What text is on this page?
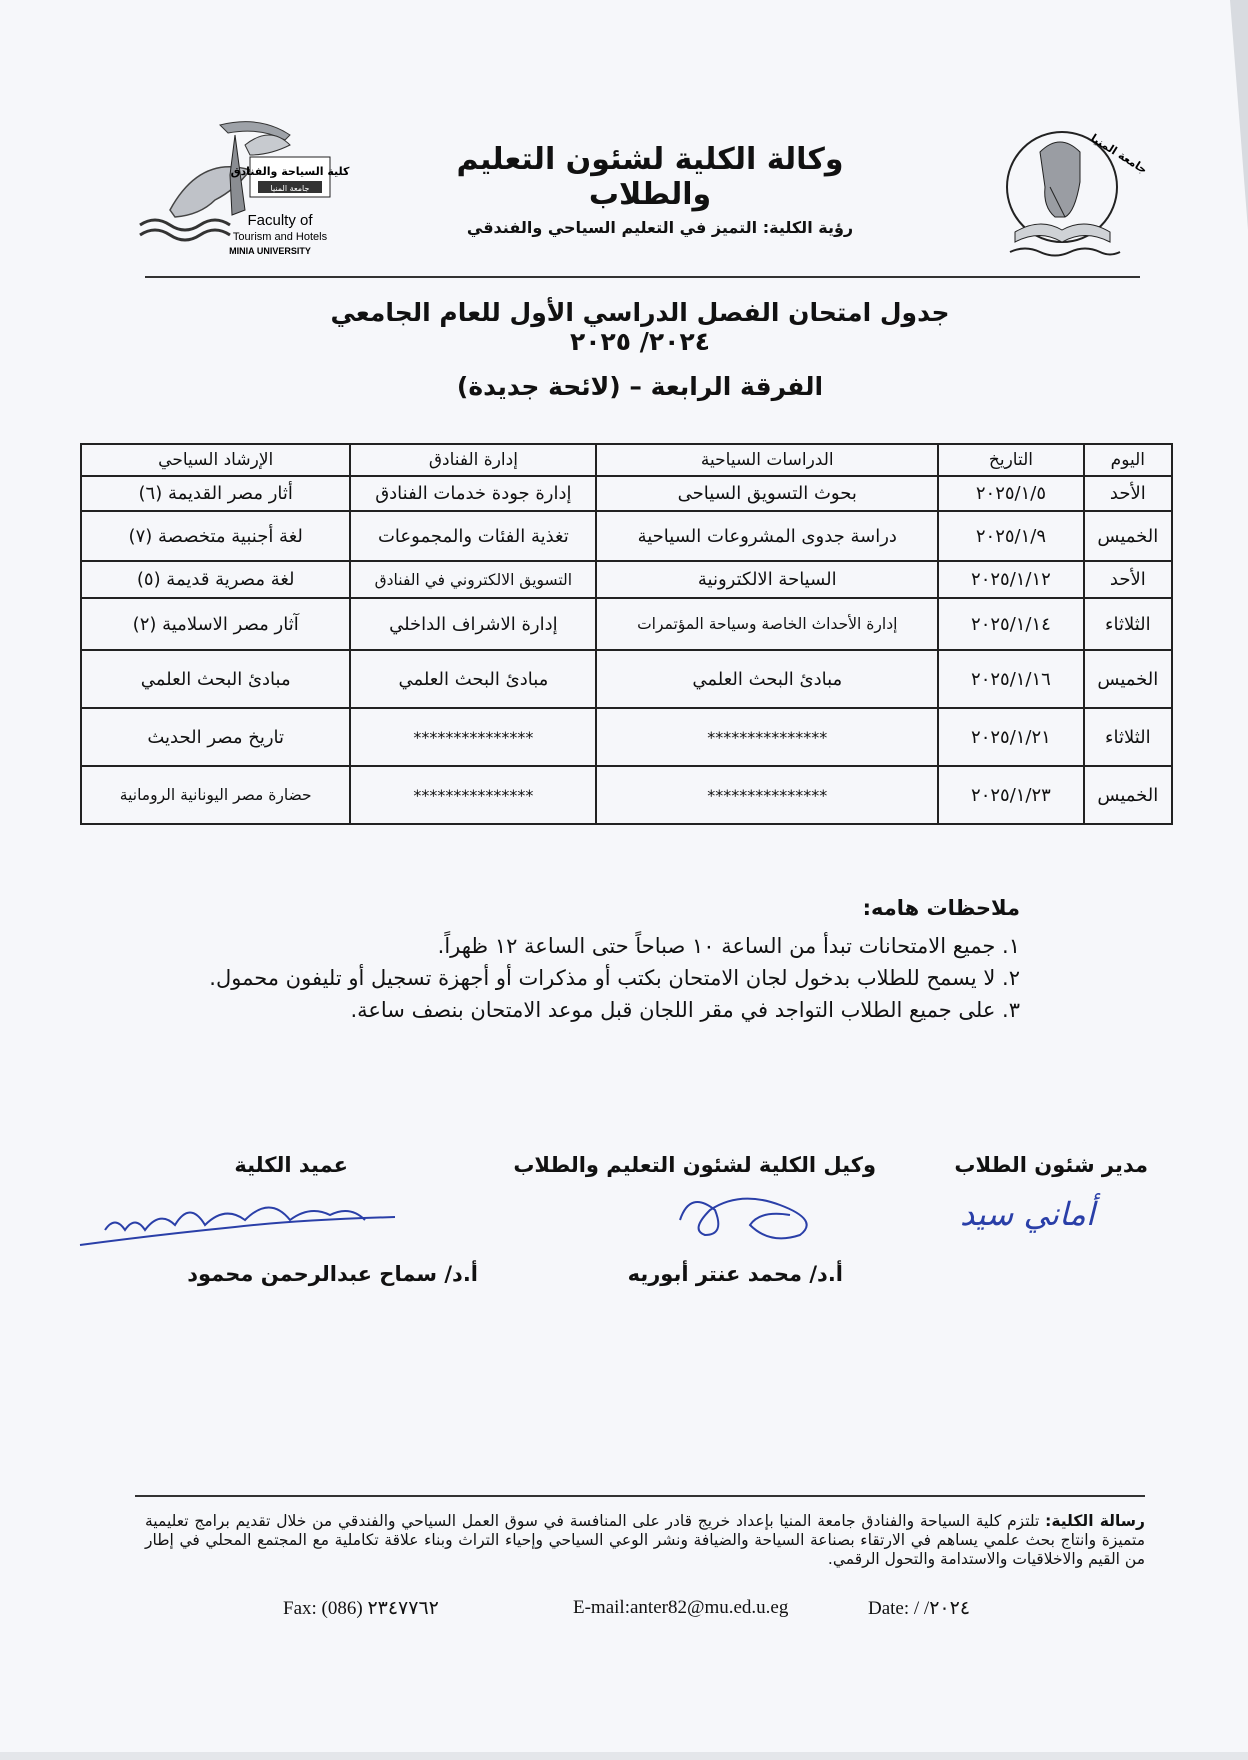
كلية السياحة والفنادق
جامعة المنيا
Faculty of
Tourism and Hotels
MINIA UNIVERSITY
جامعة المنيا
وكالة الكلية لشئون التعليم والطلاب
رؤية الكلية: التميز في التعليم السياحي والفندقي
جدول امتحان الفصل الدراسي الأول للعام الجامعي ٢٠٢٤/ ٢٠٢٥
الفرقة الرابعة – (لائحة جديدة)
اليوم	التاريخ	الدراسات السياحية	إدارة الفنادق	الإرشاد السياحي
الأحد	٢٠٢٥/١/٥	بحوث التسويق السياحى	إدارة جودة خدمات الفنادق	أثار مصر القديمة (٦)
الخميس	٢٠٢٥/١/٩	دراسة جدوى المشروعات السياحية	تغذية الفئات والمجموعات	لغة أجنبية متخصصة (٧)
الأحد	٢٠٢٥/١/١٢	السياحة الالكترونية	التسويق الالكتروني في الفنادق	لغة مصرية قديمة (٥)
الثلاثاء	٢٠٢٥/١/١٤	إدارة الأحداث الخاصة وسياحة المؤتمرات	إدارة الاشراف الداخلي	آثار مصر الاسلامية (٢)
الخميس	٢٠٢٥/١/١٦	مبادئ البحث العلمي	مبادئ البحث العلمي	مبادئ البحث العلمي
الثلاثاء	٢٠٢٥/١/٢١	***************	***************	تاريخ مصر الحديث
الخميس	٢٠٢٥/١/٢٣	***************	***************	حضارة مصر اليونانية الرومانية
ملاحظات هامه:
١. جميع الامتحانات تبدأ من الساعة ١٠ صباحاً حتى الساعة ١٢ ظهراً.
٢. لا يسمح للطلاب بدخول لجان الامتحان بكتب أو مذكرات أو أجهزة تسجيل أو تليفون محمول.
٣. على جميع الطلاب التواجد في مقر اللجان قبل موعد الامتحان بنصف ساعة.
مدير شئون الطلاب
أماني سيد
وكيل الكلية لشئون التعليم والطلاب
أ.د/ محمد عنتر أبوريه
عميد الكلية
أ.د/ سماح عبدالرحمن محمود
رسالة الكلية: تلتزم كلية السياحة والفنادق جامعة المنيا بإعداد خريج قادر على المنافسة في سوق العمل السياحي والفندقي من خلال تقديم برامج تعليمية متميزة وانتاج بحث علمي يساهم في الارتقاء بصناعة السياحة والضيافة ونشر الوعي السياحي وإحياء التراث وبناء علاقة تكاملية مع المجتمع المحلي في إطار من القيم والاخلاقيات والاستدامة والتحول الرقمي.
Fax: (086) ٢٣٤٧٧٦٢	E-mail:anter82@mu.ed.u.eg	Date: / /٢٠٢٤
